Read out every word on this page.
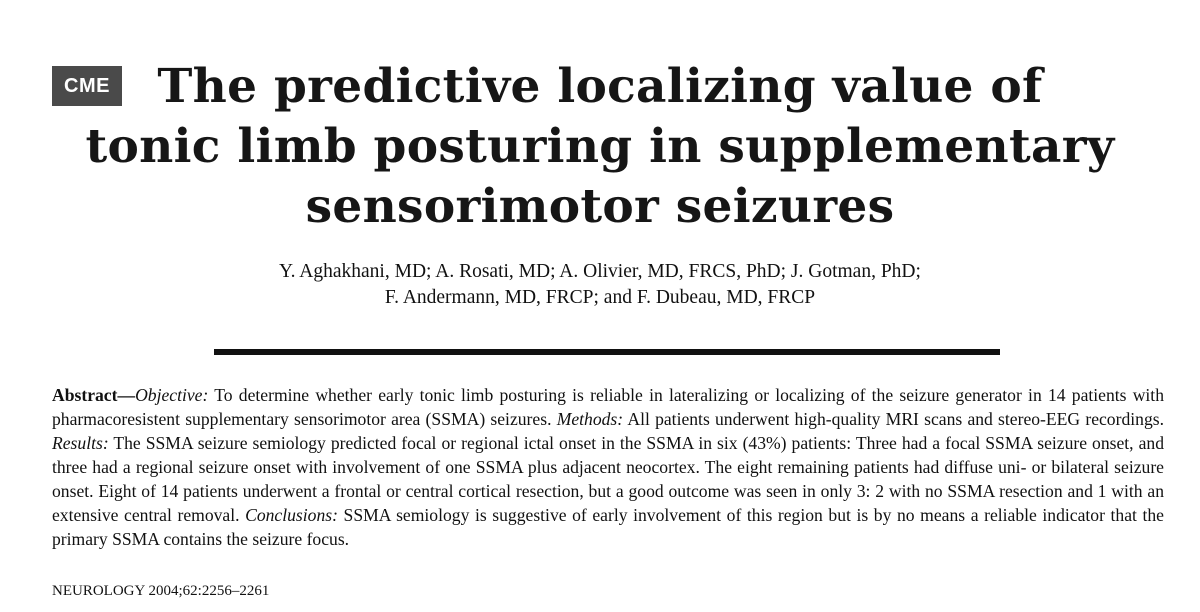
CME	The predictive localizing value of
tonic limb posturing in supplementary
sensorimotor seizures
Y. Aghakhani, MD; A. Rosati, MD; A. Olivier, MD, FRCS, PhD; J. Gotman, PhD;
F. Andermann, MD, FRCP; and F. Dubeau, MD, FRCP

Abstract—Objective: To determine whether early tonic limb posturing is reliable in lateralizing or localizing of the seizure generator in 14 patients with pharmacoresistent supplementary sensorimotor area (SSMA) seizures. Methods: All patients underwent high-quality MRI scans and stereo-EEG recordings. Results: The SSMA seizure semiology predicted focal or regional ictal onset in the SSMA in six (43%) patients: Three had a focal SSMA seizure onset, and three had a regional seizure onset with involvement of one SSMA plus adjacent neocortex. The eight remaining patients had diffuse uni- or bilateral seizure onset. Eight of 14 patients underwent a frontal or central cortical resection, but a good outcome was seen in only 3: 2 with no SSMA resection and 1 with an extensive central removal. Conclusions: SSMA semiology is suggestive of early involvement of this region but is by no means a reliable indicator that the primary SSMA contains the seizure focus.

NEUROLOGY 2004;62:2256–2261
